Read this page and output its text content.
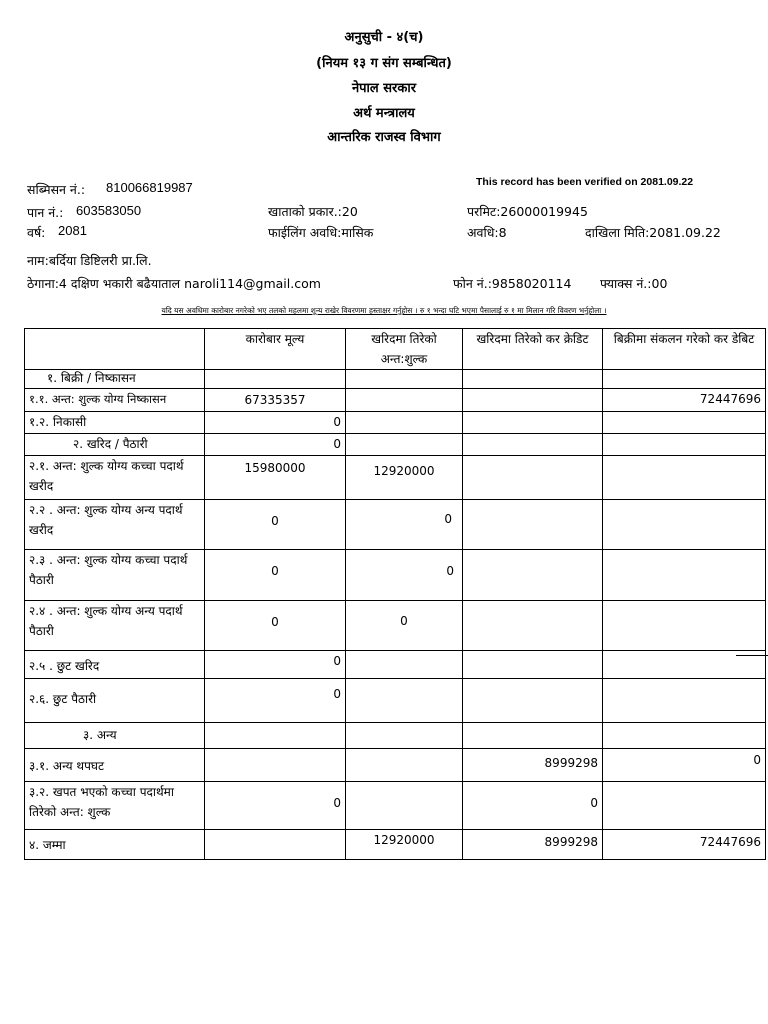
अनुसुची - ४(च)
(नियम १३ ग संग सम्बन्धित)
नेपाल सरकार
अर्थ मन्त्रालय
आन्तरिक राजस्व विभाग
This record has been verified on 2081.09.22
सब्मिसन नं.: 810066819987
पान नं.: 603583050	खाताको प्रकार.:20	परमिट:26000019945
वर्ष: 2081	फाईलिंग अवधि:मासिक	अवधि:8	दाखिला मिति:2081.09.22
नाम:बर्दिया डिष्टिलरी प्रा.लि.
ठेगाना:4 दक्षिण भकारी बढैयाताल naroli114@gmail.com	फोन नं.:9858020114 फ्याक्स नं.:00
यदि यस अवधिमा कारोबार नगरेको भए तलको महलमा शून्य राखेर विवरणमा हस्ताक्षर गर्नुहोस । रु १ भन्दा घटि भएमा पैसालाई रु १ मा मिलान गरि विवरण भर्नुहोला ।
	कारोबार मूल्य	खरिदमा तिरेको अन्त:शुल्क	खरिदमा तिरेको कर क्रेडिट	बिक्रीमा संकलन गरेको कर डेबिट
१. बिक्री / निष्कासन	

१.१. अन्त: शुल्क योग्य निष्कासन	67335357			72447696

१.२. निकासी	0			

२. खरिद / पैठारी	0			

२.१. अन्त: शुल्क योग्य कच्चा पदार्थ खरीद	15980000	12920000		

२.२ . अन्त: शुल्क योग्य अन्य पदार्थ खरीद	0	0		

२.३ . अन्त: शुल्क योग्य कच्चा पदार्थ पैठारी	0	0		

२.४ . अन्त: शुल्क योग्य अन्य पदार्थ पैठारी	0	0		

२.५ . छुट खरिद	0			

२.६. छुट पैठारी	0			

३. अन्य	

३.१. अन्य थपघट			8999298	0

३.२. खपत भएको कच्चा पदार्थमा तिरेको अन्त: शुल्क	0		0	

४. जम्मा		12920000	8999298	72447696
